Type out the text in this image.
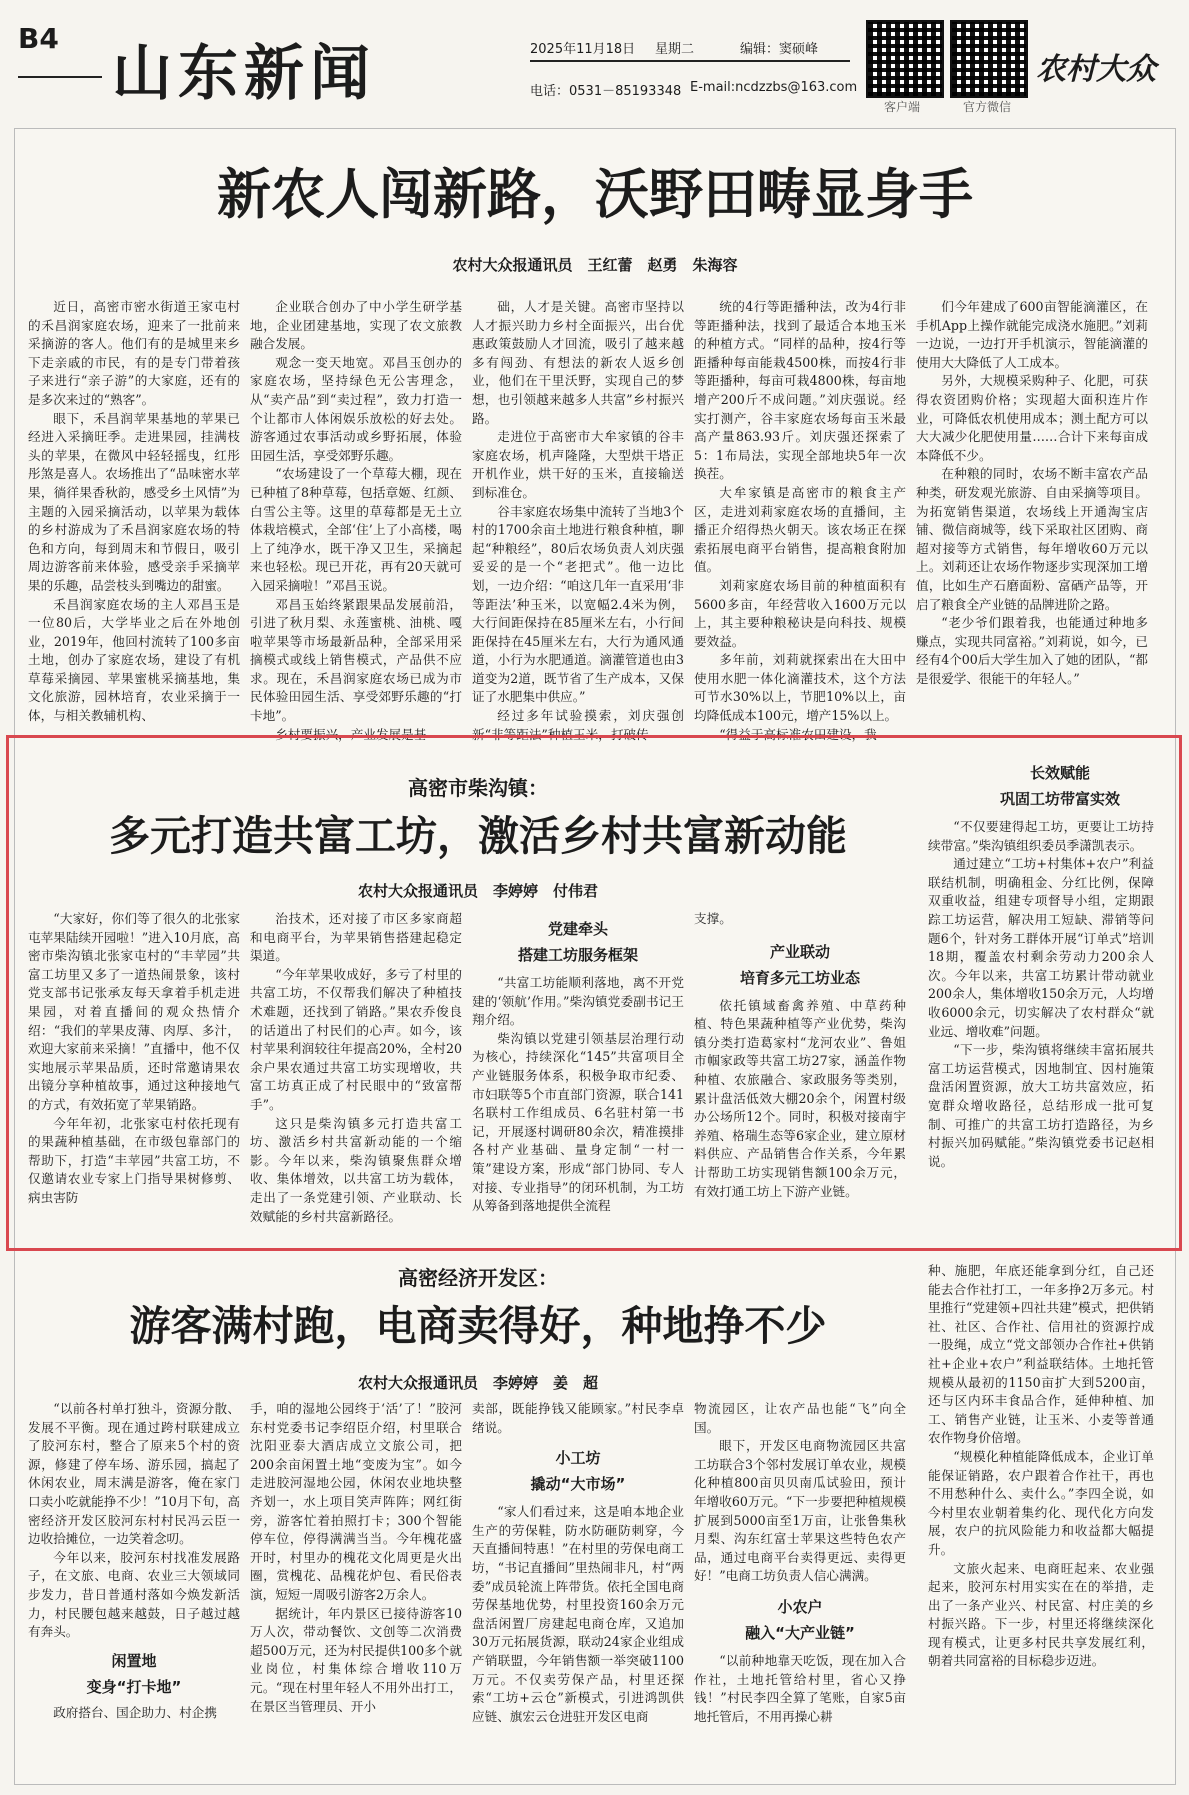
B4
山东新闻	2025年11月18日 星期二	编辑：窦硕峰
电话：0531－85193348 E-mail:ncdzzbs@163.com
客户端	官方微信
农村大众
新农人闯新路，沃野田畴显身手
农村大众报通讯员　王红蕾　赵勇　朱海容

近日，高密市密水街道王家屯村的禾昌润家庭农场，迎来了一批前来采摘游的客人。他们有的是城里来乡下走亲戚的市民，有的是专门带着孩子来进行“亲子游”的大家庭，还有的是多次来过的“熟客”。

眼下，禾昌润苹果基地的苹果已经进入采摘旺季。走进果园，挂满枝头的苹果，在微风中轻轻摇曳，红彤彤煞是喜人。农场推出了“品味密水苹果，徜徉果香秋韵，感受乡土风情”为主题的入园采摘活动，以苹果为载体的乡村游成为了禾昌润家庭农场的特色和方向，每到周末和节假日，吸引周边游客前来体验，感受亲手采摘苹果的乐趣，品尝枝头到嘴边的甜蜜。

禾昌润家庭农场的主人邓昌玉是一位80后，大学毕业之后在外地创业，2019年，他回村流转了100多亩土地，创办了家庭农场，建设了有机草莓采摘园、苹果蜜桃采摘基地，集文化旅游，园林培育，农业采摘于一体，与相关教辅机构、

企业联合创办了中小学生研学基地，企业团建基地，实现了农文旅教融合发展。

观念一变天地宽。邓昌玉创办的家庭农场，坚持绿色无公害理念，从“卖产品”到“卖过程”，致力打造一个让都市人体闲娱乐放松的好去处。游客通过农事活动或乡野拓展，体验田园生活，享受郊野乐趣。

“农场建设了一个草莓大棚，现在已种植了8种草莓，包括章姬、红颜、白雪公主等。这里的草莓都是无土立体栽培模式，全部‘住’上了小高楼，喝上了纯净水，既干净又卫生，采摘起来也轻松。现已开花，再有20天就可入园采摘啦！”邓昌玉说。

邓昌玉始终紧跟果品发展前沿，引进了秋月梨、永莲蜜桃、油桃、嘎啦苹果等市场最新品种，全部采用采摘模式或线上销售模式，产品供不应求。现在，禾昌润家庭农场已成为市民体验田园生活、享受郊野乐趣的“打卡地”。

乡村要振兴，产业发展是基

础，人才是关键。高密市坚持以人才振兴助力乡村全面振兴，出台优惠政策鼓励人才回流，吸引了越来越多有闯劲、有想法的新农人返乡创业，他们在干里沃野，实现自己的梦想，也引领越来越多人共富”乡村振兴路。

走进位于高密市大牟家镇的谷丰家庭农场，机声隆隆，大型烘干塔正开机作业，烘干好的玉米，直接输送到标准仓。

谷丰家庭农场集中流转了当地3个村的1700余亩土地进行粮食种植，聊起“种粮经”，80后农场负责人刘庆强妥妥的是一个“老把式”。他一边比划，一边介绍：“咱这几年一直采用‘非等距法’种玉米，以宽幅2.4米为例，大行间距保持在85厘米左右，小行间距保持在45厘米左右，大行为通风通道，小行为水肥通道。滴灌管道也由3道变为2道，既节省了生产成本，又保证了水肥集中供应。”

经过多年试验摸索，刘庆强创新“非等距法”种植玉米，打破传

统的4行等距播种法，改为4行非等距播种法，找到了最适合本地玉米的种植方式。“同样的品种，按4行等距播种每亩能栽4500株，而按4行非等距播种，每亩可栽4800株，每亩地增产200斤不成问题。”刘庆强说。经实打测产，谷丰家庭农场每亩玉米最高产量863.93斤。刘庆强还探索了5：1布局法，实现全部地块5年一次换茬。

大牟家镇是高密市的粮食主产区，走进刘莉家庭农场的直播间，主播正介绍得热火朝天。该农场正在探索拓展电商平台销售，提高粮食附加值。

刘莉家庭农场目前的种植面积有5600多亩，年经营收入1600万元以上，其主要种粮秘诀是向科技、规模要效益。

多年前，刘莉就探索出在大田中使用水肥一体化滴灌技术，这个方法可节水30%以上，节肥10%以上，亩均降低成本100元，增产15%以上。

“得益于高标准农田建设，我

们今年建成了600亩智能滴灌区，在手机App上操作就能完成浇水施肥。”刘莉一边说，一边打开手机演示，智能滴灌的使用大大降低了人工成本。

另外，大规模采购种子、化肥，可获得农资团购价格；实现超大面积连片作业，可降低农机使用成本；测土配方可以大大减少化肥使用量……合计下来每亩成本降低不少。

在种粮的同时，农场不断丰富农产品种类，研发观光旅游、自由采摘等项目。为拓宽销售渠道，农场线上开通淘宝店铺、微信商城等，线下采取社区团购、商超对接等方式销售，每年增收60万元以上。刘莉还让农场作物逐步实现深加工增值，比如生产石磨面粉、富硒产品等，开启了粮食全产业链的品牌进阶之路。

“老少爷们跟着我，也能通过种地多赚点，实现共同富裕。”刘莉说，如今，已经有4个00后大学生加入了她的团队，“都是很爱学、很能干的年轻人。”

高密市柴沟镇：
多元打造共富工坊，激活乡村共富新动能
农村大众报通讯员　李婷婷　付伟君
长效赋能
巩固工坊带富实效

“大家好，你们等了很久的北张家屯苹果陆续开园啦！”进入10月底，高密市柴沟镇北张家屯村的“丰苹园”共富工坊里又多了一道热闹景象，该村党支部书记张承友每天拿着手机走进果园，对着直播间的观众热情介绍：“我们的苹果皮薄、肉厚、多汁，欢迎大家前来采摘！”直播中，他不仅实地展示苹果品质，还时常邀请果农出镜分享种植故事，通过这种接地气的方式，有效拓宽了苹果销路。

今年年初，北张家屯村依托现有的果蔬种植基础，在市级包靠部门的帮助下，打造“丰苹园”共富工坊，不仅邀请农业专家上门指导果树修剪、病虫害防

治技术，还对接了市区多家商超和电商平台，为苹果销售搭建起稳定渠道。

“今年苹果收成好，多亏了村里的共富工坊，不仅帮我们解决了种植技术难题，还找到了销路。”果农乔俊良的话道出了村民们的心声。如今，该村苹果利润较往年提高20%，全村20余户果农通过共富工坊实现增收，共富工坊真正成了村民眼中的“致富帮手”。

这只是柴沟镇多元打造共富工坊、激活乡村共富新动能的一个缩影。今年以来，柴沟镇聚焦群众增收、集体增效，以共富工坊为载体，走出了一条党建引领、产业联动、长效赋能的乡村共富新路径。

党建牵头
搭建工坊服务框架

“共富工坊能顺利落地，离不开党建的‘领航’作用。”柴沟镇党委副书记王翔介绍。

柴沟镇以党建引领基层治理行动为核心，持续深化“145”共富项目全产业链服务体系，积极争取市纪委、市妇联等5个市直部门资源，联合141名联村工作组成员、6名驻村第一书记，开展逐村调研80余次，精准摸排各村产业基础、量身定制“一村一策”建设方案，形成“部门协同、专人对接、专业指导”的闭环机制，为工坊从筹备到落地提供全流程

支撑。

产业联动
培育多元工坊业态

依托镇域畜禽养殖、中草药种植、特色果蔬种植等产业优势，柴沟镇分类打造葛家村“龙河农业”、鲁姐市帼家政等共富工坊27家，涵盖作物种植、农旅融合、家政服务等类别，累计盘活低效大棚20余个，闲置村级办公场所12个。同时，积极对接南宇养殖、格瑞生态等6家企业，建立原材料供应、产品销售合作关系，今年累计帮助工坊实现销售额100余万元，有效打通工坊上下游产业链。

“不仅要建得起工坊，更要让工坊持续带富。”柴沟镇组织委员季潇凯表示。

通过建立“工坊+村集体+农户”利益联结机制，明确租金、分红比例，保障双重收益，组建专项督导小组，定期跟踪工坊运营，解决用工短缺、滞销等问题6个，针对务工群体开展“订单式”培训18期，覆盖农村剩余劳动力200余人次。今年以来，共富工坊累计带动就业200余人，集体增收150余万元，人均增收6000余元，切实解决了农村群众“就业远、增收难”问题。

“下一步，柴沟镇将继续丰富拓展共富工坊运营模式，因地制宜、因村施策盘活闲置资源，放大工坊共富效应，拓宽群众增收路径，总结形成一批可复制、可推广的共富工坊打造路径，为乡村振兴加码赋能。”柴沟镇党委书记赵相说。

高密经济开发区：
游客满村跑，电商卖得好，种地挣不少
农村大众报通讯员　李婷婷　姜　超

“以前各村单打独斗，资源分散、发展不平衡。现在通过跨村联建成立了胶河东村，整合了原来5个村的资源，修建了停车场、游乐园，搞起了休闲农业，周末满是游客，俺在家门口卖小吃就能挣不少！”10月下旬，高密经济开发区胶河东村村民冯云臣一边收拾摊位，一边笑着念叨。

今年以来，胶河东村找准发展路子，在文旅、电商、农业三大领域同步发力，昔日普通村落如今焕发新活力，村民腰包越来越鼓，日子越过越有奔头。

闲置地
变身“打卡地”

政府搭台、国企助力、村企携

手，咱的湿地公园终于‘活’了！”胶河东村党委书记李绍臣介绍，村里联合沈阳亚泰大酒店成立文旅公司，把200余亩闲置土地“变废为宝”。如今走进胶河湿地公园，休闲农业地块整齐划一，水上项目笑声阵阵；网红街旁，游客忙着拍照打卡；300个智能停车位，停得满满当当。今年槐花盛开时，村里办的槐花文化周更是火出圈，赏槐花、品槐花炉包、看民俗表演，短短一周吸引游客2万余人。

据统计，年内景区已接待游客10万人次，带动餐饮、文创等二次消费超500万元，还为村民提供100多个就业岗位，村集体综合增收110万元。“现在村里年轻人不用外出打工，在景区当管理员、开小

卖部，既能挣钱又能顾家。”村民李卓绪说。

小工坊
撬动“大市场”

“家人们看过来，这是咱本地企业生产的劳保鞋，防水防砸防刺穿，今天直播间特惠！”在村里的劳保电商工坊，“书记直播间”里热闹非凡，村“两委”成员轮流上阵带货。依托全国电商劳保基地优势，村里投资160余万元盘活闲置厂房建起电商仓库，又追加30万元拓展货源，联动24家企业组成产销联盟，今年销售额一举突破1100万元。不仅卖劳保产品，村里还探索“工坊+云仓”新模式，引进鸿凯供应链、旗宏云仓进驻开发区电商

物流园区，让农产品也能“飞”向全国。

眼下，开发区电商物流园区共富工坊联合3个邻村发展订单农业，规模化种植800亩贝贝南瓜试验田，预计年增收60万元。“下一步要把种植规模扩展到5000亩至1万亩，让张鲁集秋月梨、沟东红富士苹果这些特色农产品，通过电商平台卖得更远、卖得更好！”电商工坊负责人信心满满。

小农户
融入“大产业链”

“以前种地靠天吃饭，现在加入合作社，土地托管给村里，省心又挣钱！”村民李四全算了笔账，自家5亩地托管后，不用再操心耕

种、施肥，年底还能拿到分红，自己还能去合作社打工，一年多挣2万多元。村里推行“党建领+四社共建”模式，把供销社、社区、合作社、信用社的资源拧成一股绳，成立“党文部领办合作社+供销社+企业+农户”利益联结体。土地托管规模从最初的1150亩扩大到5200亩，还与区内环丰食品合作，延伸种植、加工、销售产业链，让玉米、小麦等普通农作物身价倍增。

“规模化种植能降低成本，企业订单能保证销路，农户跟着合作社干，再也不用愁种什么、卖什么。”李四全说，如今村里农业朝着集约化、现代化方向发展，农户的抗风险能力和收益都大幅提升。

文旅火起来、电商旺起来、农业强起来，胶河东村用实实在在的举措，走出了一条产业兴、村民富、村庄美的乡村振兴路。下一步，村里还将继续深化现有模式，让更多村民共享发展红利，朝着共同富裕的目标稳步迈进。
